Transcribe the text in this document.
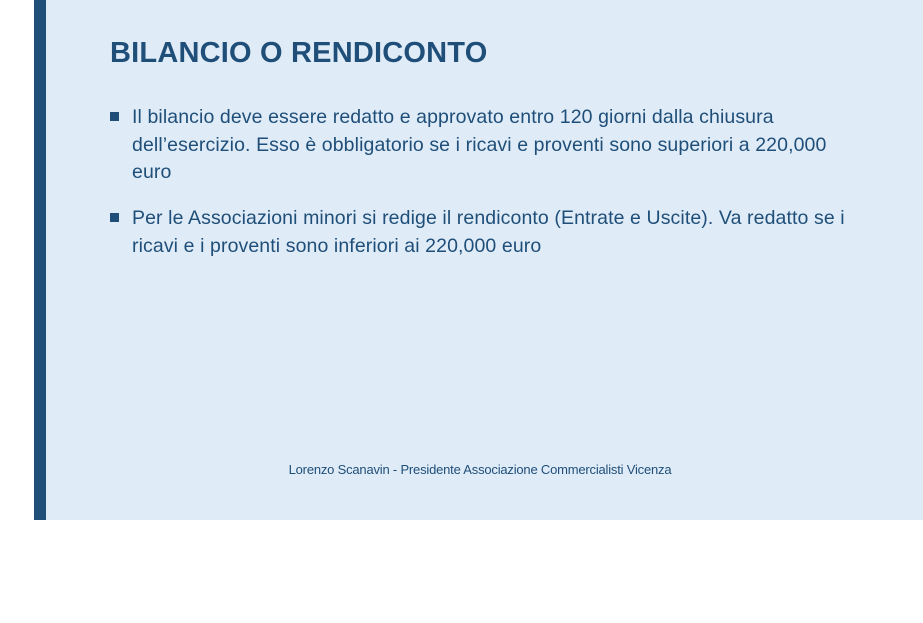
BILANCIO O RENDICONTO
Il bilancio deve essere redatto e approvato entro 120 giorni dalla chiusura dell’esercizio. Esso è obbligatorio se i ricavi e proventi sono superiori a 220,000 euro
Per le Associazioni minori si redige il rendiconto (Entrate e Uscite). Va redatto se i ricavi e i proventi sono inferiori ai 220,000 euro
Lorenzo Scanavin - Presidente Associazione Commercialisti Vicenza
